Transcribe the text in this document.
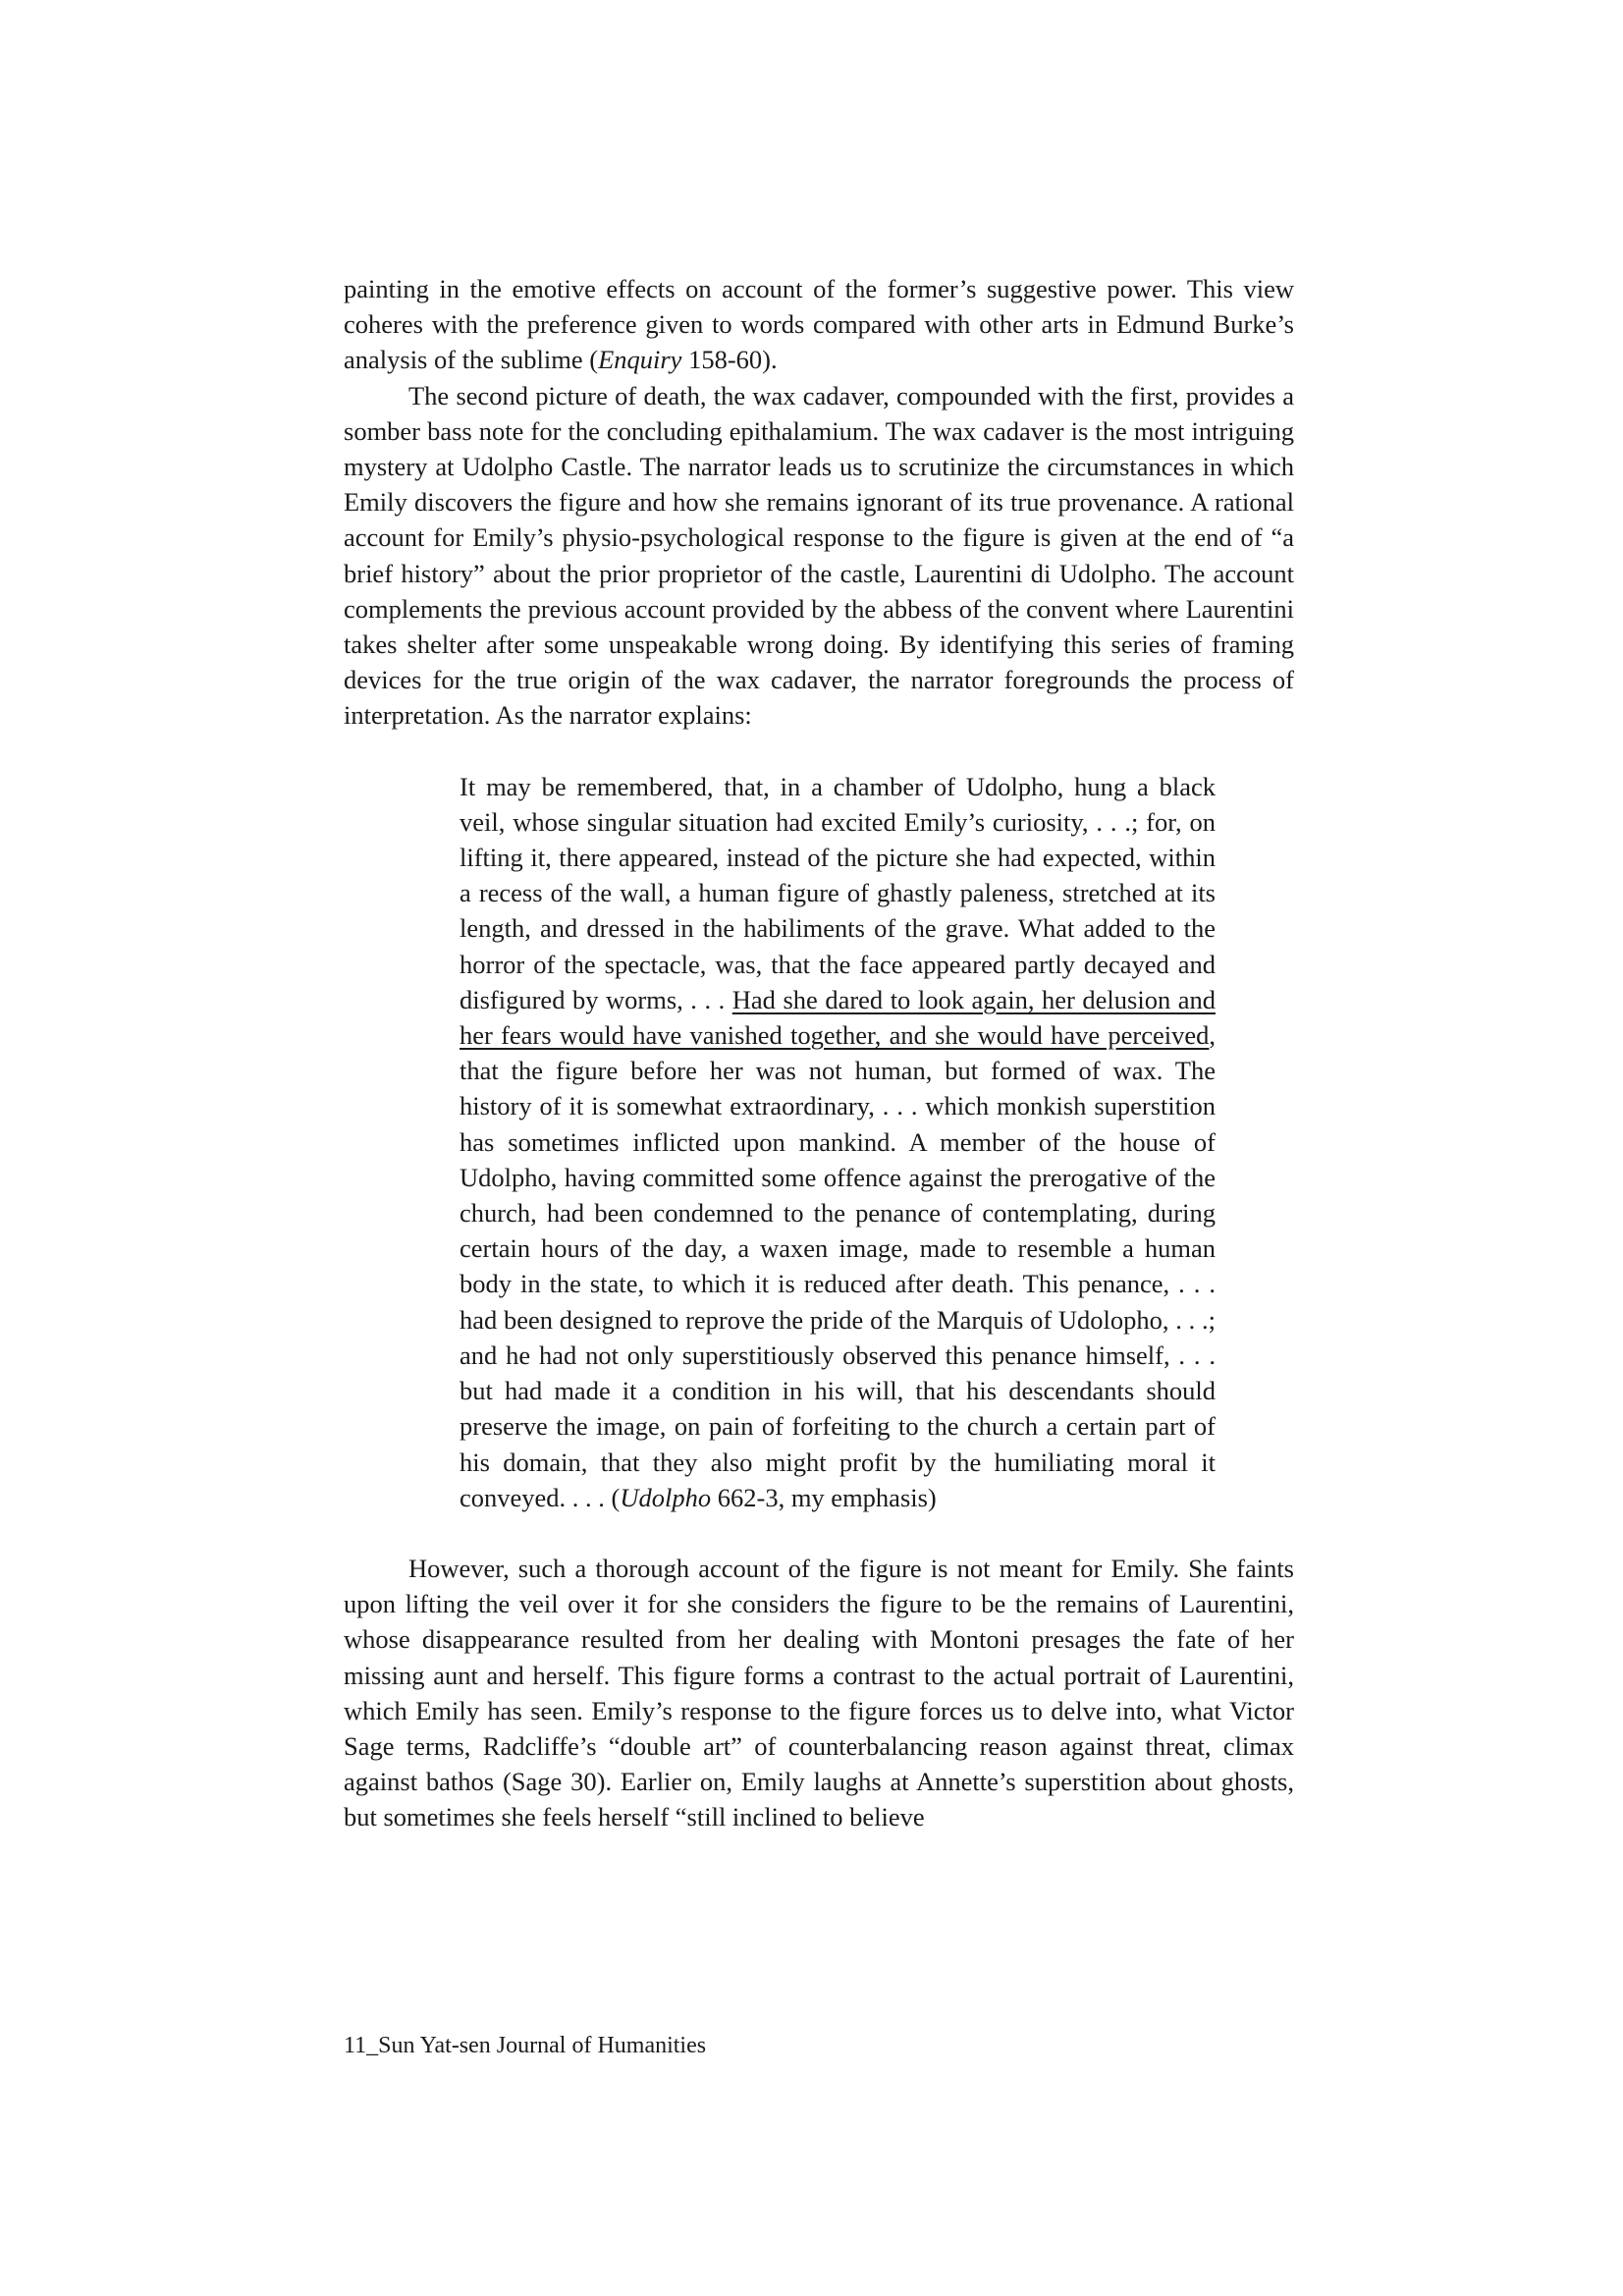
painting in the emotive effects on account of the former’s suggestive power. This view coheres with the preference given to words compared with other arts in Edmund Burke’s analysis of the sublime (Enquiry 158-60).

The second picture of death, the wax cadaver, compounded with the first, provides a somber bass note for the concluding epithalamium. The wax cadaver is the most intriguing mystery at Udolpho Castle. The narrator leads us to scrutinize the circumstances in which Emily discovers the figure and how she remains ignorant of its true provenance. A rational account for Emily’s physio-psychological response to the figure is given at the end of “a brief history” about the prior proprietor of the castle, Laurentini di Udolpho. The account complements the previous account provided by the abbess of the convent where Laurentini takes shelter after some unspeakable wrong doing. By identifying this series of framing devices for the true origin of the wax cadaver, the narrator foregrounds the process of interpretation. As the narrator explains:

It may be remembered, that, in a chamber of Udolpho, hung a black veil, whose singular situation had excited Emily’s curiosity, . . .; for, on lifting it, there appeared, instead of the picture she had expected, within a recess of the wall, a human figure of ghastly paleness, stretched at its length, and dressed in the habiliments of the grave. What added to the horror of the spectacle, was, that the face appeared partly decayed and disfigured by worms, . . . Had she dared to look again, her delusion and her fears would have vanished together, and she would have perceived, that the figure before her was not human, but formed of wax. The history of it is somewhat extraordinary, . . . which monkish superstition has sometimes inflicted upon mankind. A member of the house of Udolpho, having committed some offence against the prerogative of the church, had been condemned to the penance of contemplating, during certain hours of the day, a waxen image, made to resemble a human body in the state, to which it is reduced after death. This penance, . . . had been designed to reprove the pride of the Marquis of Udolopho, . . .; and he had not only superstitiously observed this penance himself, . . . but had made it a condition in his will, that his descendants should preserve the image, on pain of forfeiting to the church a certain part of his domain, that they also might profit by the humiliating moral it conveyed. . . . (Udolpho 662-3, my emphasis)

However, such a thorough account of the figure is not meant for Emily. She faints upon lifting the veil over it for she considers the figure to be the remains of Laurentini, whose disappearance resulted from her dealing with Montoni presages the fate of her missing aunt and herself. This figure forms a contrast to the actual portrait of Laurentini, which Emily has seen. Emily’s response to the figure forces us to delve into, what Victor Sage terms, Radcliffe’s “double art” of counterbalancing reason against threat, climax against bathos (Sage 30). Earlier on, Emily laughs at Annette’s superstition about ghosts, but sometimes she feels herself “still inclined to believe

11_Sun Yat-sen Journal of Humanities
